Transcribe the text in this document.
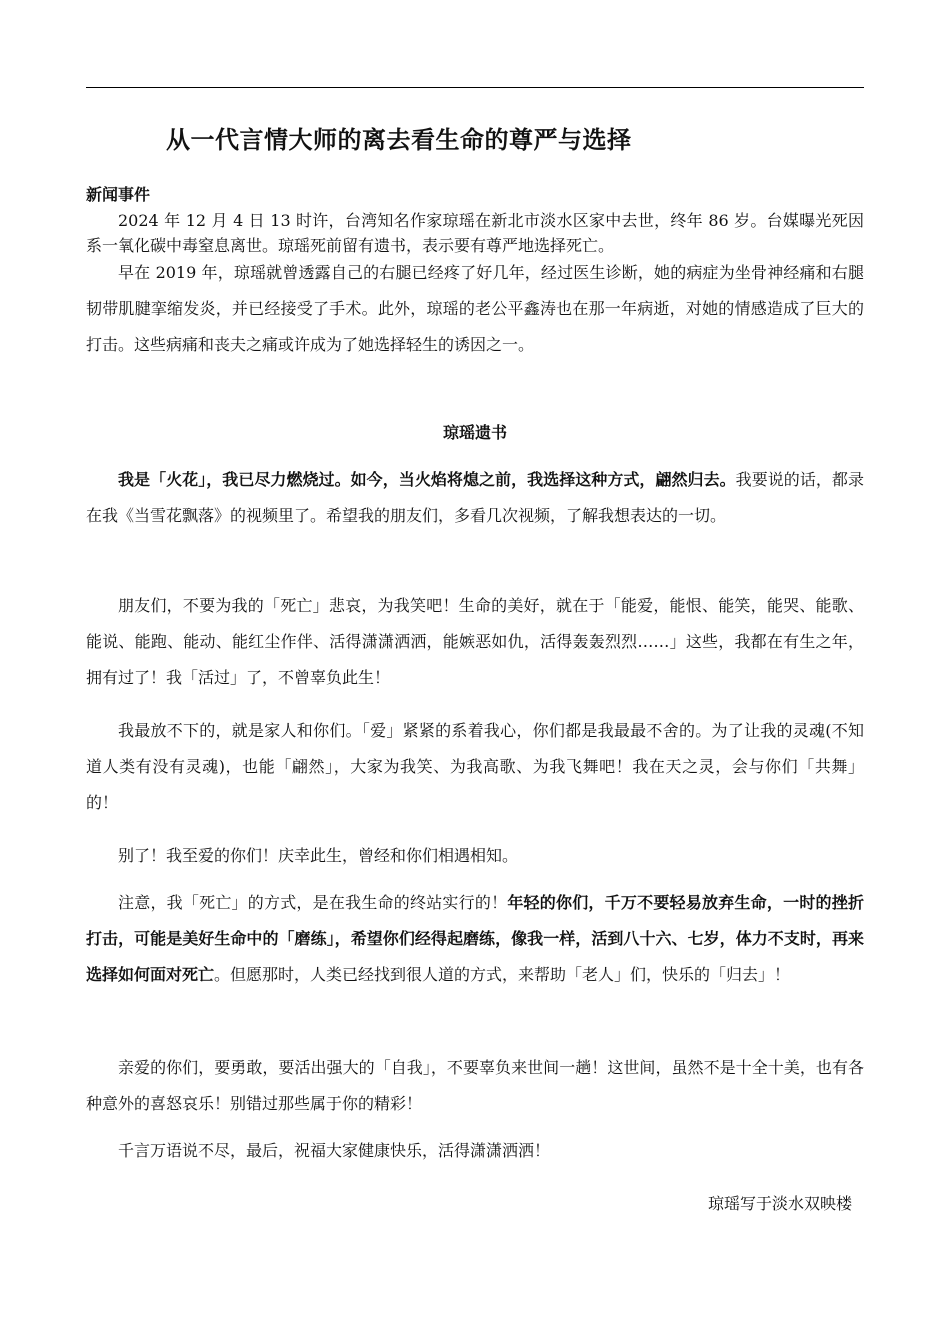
从一代言情大师的离去看生命的尊严与选择
新闻事件

2024 年 12 月 4 日 13 时许，台湾知名作家琼瑶在新北市淡水区家中去世，终年 86 岁。台媒曝光死因系一氧化碳中毒窒息离世。琼瑶死前留有遗书，表示要有尊严地选择死亡。

早在 2019 年，琼瑶就曾透露自己的右腿已经疼了好几年，经过医生诊断，她的病症为坐骨神经痛和右腿韧带肌腱挛缩发炎，并已经接受了手术。此外，琼瑶的老公平鑫涛也在那一年病逝，对她的情感造成了巨大的打击。这些病痛和丧夫之痛或许成为了她选择轻生的诱因之一。

琼瑶遗书

我是「火花」，我已尽力燃烧过。如今，当火焰将熄之前，我选择这种方式，翩然归去。我要说的话，都录在我《当雪花飘落》的视频里了。希望我的朋友们，多看几次视频，了解我想表达的一切。

朋友们，不要为我的「死亡」悲哀，为我笑吧！生命的美好，就在于「能爱，能恨、能笑，能哭、能歌、能说、能跑、能动、能红尘作伴、活得潇潇洒洒，能嫉恶如仇，活得轰轰烈烈……」这些，我都在有生之年，拥有过了！我「活过」了，不曾辜负此生！

我最放不下的，就是家人和你们。「爱」紧紧的系着我心，你们都是我最最不舍的。为了让我的灵魂(不知道人类有没有灵魂)，也能「翩然」，大家为我笑、为我高歌、为我飞舞吧！我在天之灵，会与你们「共舞」的！

别了！我至爱的你们！庆幸此生，曾经和你们相遇相知。

注意，我「死亡」的方式，是在我生命的终站实行的！年轻的你们，千万不要轻易放弃生命，一时的挫折打击，可能是美好生命中的「磨练」，希望你们经得起磨练，像我一样，活到八十六、七岁，体力不支时，再来选择如何面对死亡。但愿那时，人类已经找到很人道的方式，来帮助「老人」们，快乐的「归去」！

亲爱的你们，要勇敢，要活出强大的「自我」，不要辜负来世间一趟！这世间，虽然不是十全十美，也有各种意外的喜怒哀乐！别错过那些属于你的精彩！

千言万语说不尽，最后，祝福大家健康快乐，活得潇潇洒洒！

琼瑶写于淡水双映楼
